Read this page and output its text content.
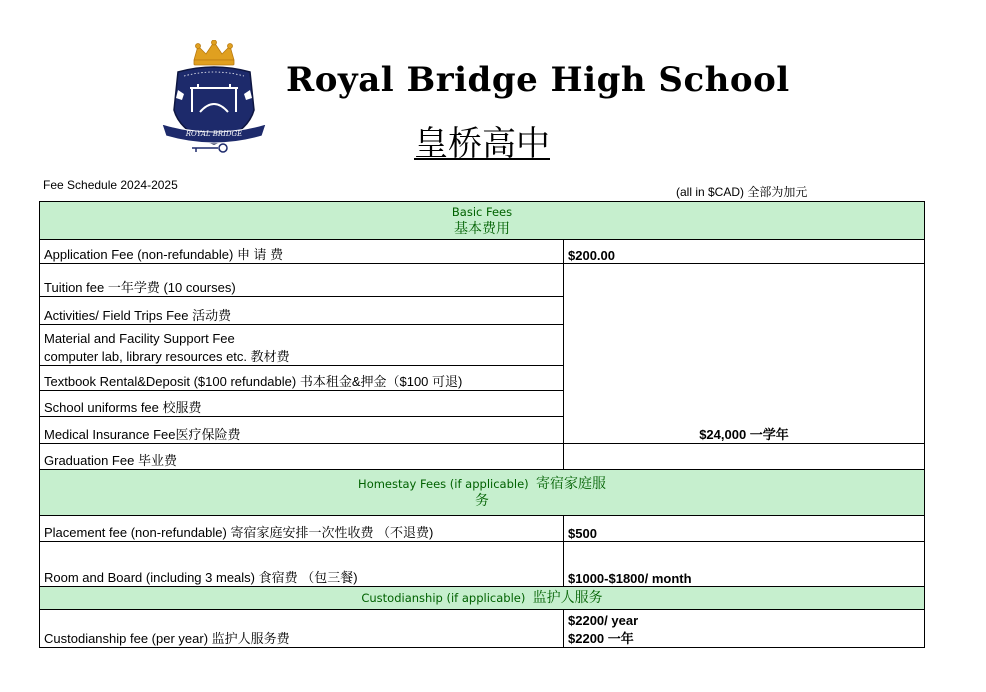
ROYAL BRIDGE
Royal Bridge High School
皇桥高中
Fee Schedule 2024-2025	(all in $CAD) 全部为加元
Basic Fees
基本费用	

Application Fee (non-refundable) 申 请 费	$200.00
Tuition fee 一年学费 (10 courses)	$24,000 一学年
Activities/ Field Trips Fee 活动费	

Material and Facility Support Fee
computer lab, library resources etc. 教材费	

Textbook Rental&Deposit ($100 refundable) 书本租金&押金（$100 可退)	
School uniforms fee 校服费	
Medical Insurance Fee医疗保险费	
Graduation Fee 毕业费	

Homestay Fees (if applicable) 寄宿家庭服
务	

Placement fee (non-refundable) 寄宿家庭安排一次性收费 （不退费)	$500
Room and Board (including 3 meals) 食宿费 （包三餐)	$1000-$1800/ month
Custodianship (if applicable) 监护人服务	
Custodianship fee (per year) 监护人服务费	$2200/ year
$2200 一年
